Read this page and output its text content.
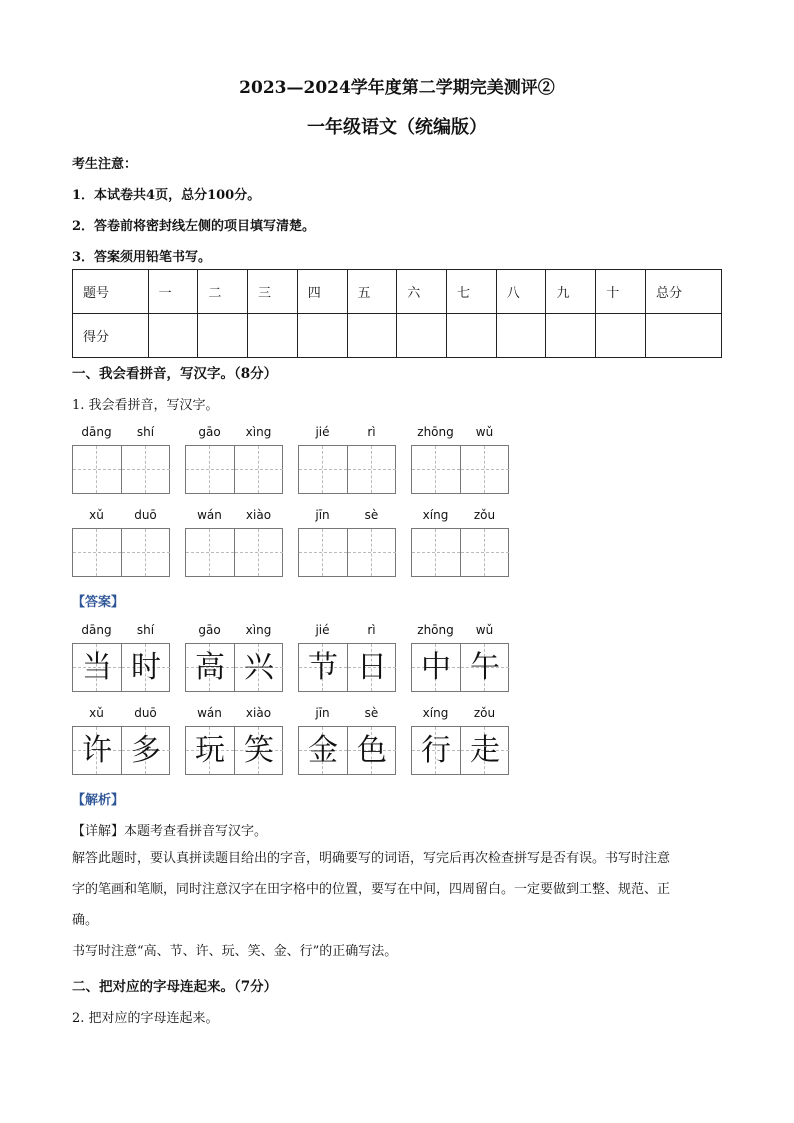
2023—2024学年度第二学期完美测评②
一年级语文（统编版）
考生注意：
1．本试卷共4页，总分100分。
2．答卷前将密封线左侧的项目填写清楚。
3．答案须用铅笔书写。
题号	一	二	三	四	五	六	七	八	九	十	总分
得分											
一、我会看拼音，写汉字。（8分）
1. 我会看拼音，写汉字。
dāng	shí	gāo	xìng	jié	rì	zhōng	wǔ
xǔ	duō	wán	xiào	jīn	sè	xíng	zǒu
dāng	shí
当 时
gāo	xìng
高 兴
jié	rì
节 日
zhōng	wǔ
中 午
xǔ	duō
许 多
wán	xiào
玩 笑
jīn	sè
金 色
xíng	zǒu
行 走
【答案】
【解析】
【详解】本题考查看拼音写汉字。
解答此题时，要认真拼读题目给出的字音，明确要写的词语，写完后再次检查拼写是否有误。书写时注意
字的笔画和笔顺，同时注意汉字在田字格中的位置，要写在中间，四周留白。一定要做到工整、规范、正
确。
书写时注意“高、节、许、玩、笑、金、行”的正确写法。
二、把对应的字母连起来。（7分）
2. 把对应的字母连起来。
